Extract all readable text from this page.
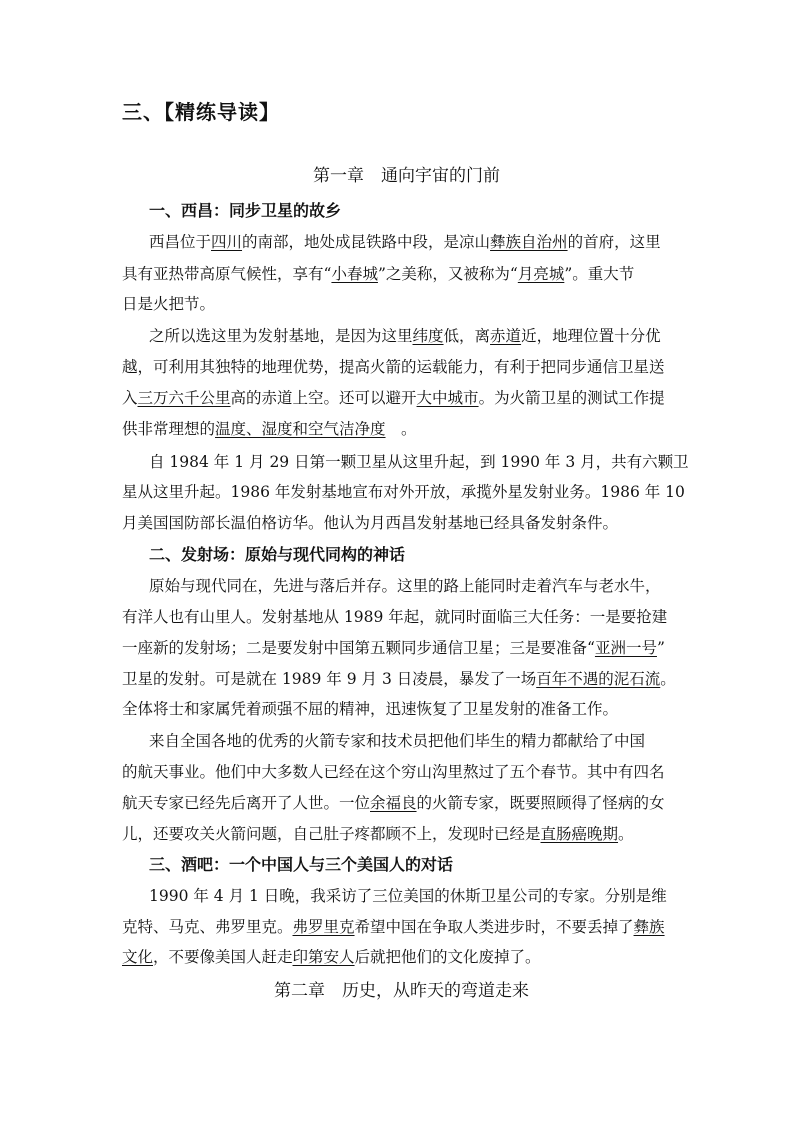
三、【精练导读】
第一章　通向宇宙的门前
一、西昌：同步卫星的故乡
西昌位于四川的南部，地处成昆铁路中段，是凉山彝族自治州的首府，这里
具有亚热带高原气候性，享有“小春城”之美称，又被称为“月亮城”。重大节
日是火把节。
之所以选这里为发射基地，是因为这里纬度低，离赤道近，地理位置十分优
越，可利用其独特的地理优势，提高火箭的运载能力，有利于把同步通信卫星送
入三万六千公里高的赤道上空。还可以避开大中城市。为火箭卫星的测试工作提
供非常理想的温度、湿度和空气洁净度　。
自 1984 年 1 月 29 日第一颗卫星从这里升起，到 1990 年 3 月，共有六颗卫
星从这里升起。1986 年发射基地宣布对外开放，承揽外星发射业务。1986 年 10
月美国国防部长温伯格访华。他认为月西昌发射基地已经具备发射条件。
二、发射场：原始与现代同构的神话
原始与现代同在，先进与落后并存。这里的路上能同时走着汽车与老水牛，
有洋人也有山里人。发射基地从 1989 年起，就同时面临三大任务：一是要抢建
一座新的发射场；二是要发射中国第五颗同步通信卫星；三是要准备“亚洲一号”
卫星的发射。可是就在 1989 年 9 月 3 日凌晨，暴发了一场百年不遇的泥石流。
全体将士和家属凭着顽强不屈的精神，迅速恢复了卫星发射的准备工作。
来自全国各地的优秀的火箭专家和技术员把他们毕生的精力都献给了中国
的航天事业。他们中大多数人已经在这个穷山沟里熬过了五个春节。其中有四名
航天专家已经先后离开了人世。一位余福良的火箭专家，既要照顾得了怪病的女
儿，还要攻关火箭问题，自己肚子疼都顾不上，发现时已经是直肠癌晚期。
三、酒吧：一个中国人与三个美国人的对话
1990 年 4 月 1 日晚，我采访了三位美国的休斯卫星公司的专家。分别是维
克特、马克、弗罗里克。弗罗里克希望中国在争取人类进步时，不要丢掉了彝族
文化，不要像美国人赶走印第安人后就把他们的文化废掉了。
第二章　历史，从昨天的弯道走来
